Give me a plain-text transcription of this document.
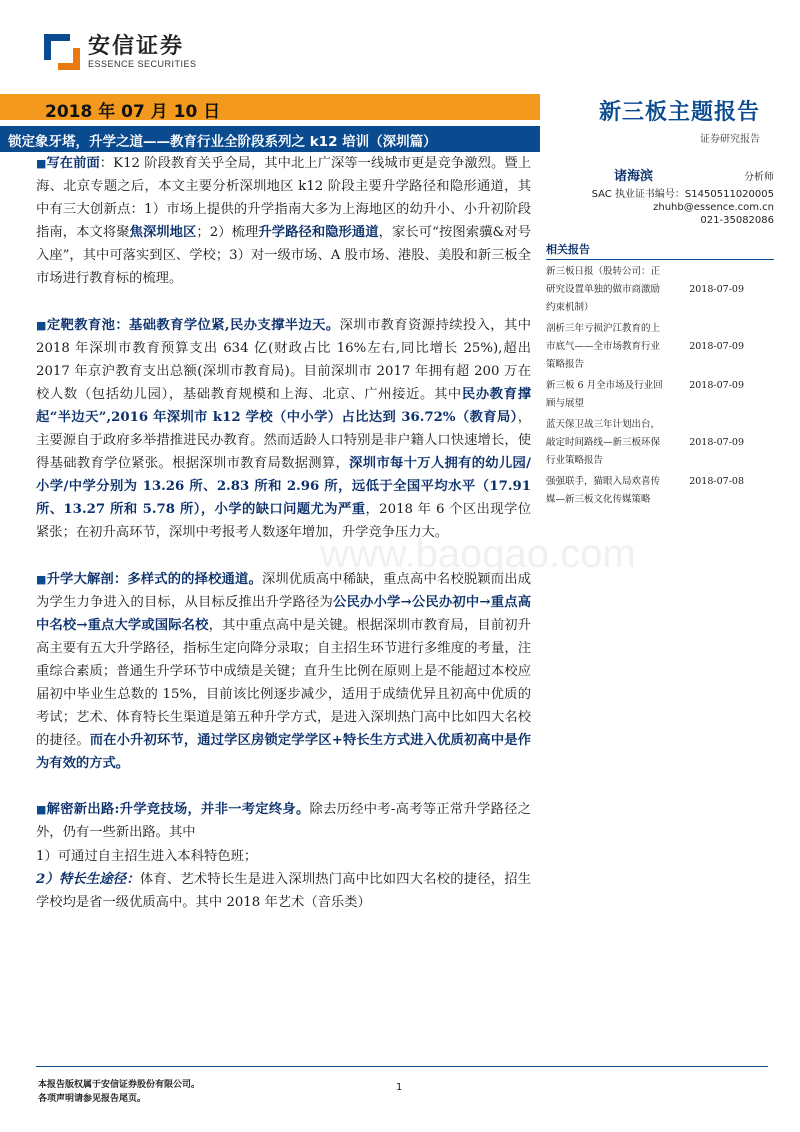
安信证券
ESSENCE SECURITIES
2018 年 07 月 10 日	新三板主题报告
锁定象牙塔，升学之道——教育行业全阶段系列之 k12 培训（深圳篇）	证券研究报告
www.baogao.com

■写在前面：K12 阶段教育关乎全局，其中北上广深等一线城市更是竞争激烈。暨上海、北京专题之后，本文主要分析深圳地区 k12 阶段主要升学路径和隐形通道，其中有三大创新点：1）市场上提供的升学指南大多为上海地区的幼升小、小升初阶段指南，本文将聚焦深圳地区；2）梳理升学路径和隐形通道，家长可“按图索骥&对号入座”，其中可落实到区、学校；3）对一级市场、A 股市场、港股、美股和新三板全市场进行教育标的梳理。

■定靶教育池：基础教育学位紧,民办支撑半边天。深圳市教育资源持续投入，其中 2018 年深圳市教育预算支出 634 亿(财政占比 16%左右,同比增长 25%),超出 2017 年京沪教育支出总额(深圳市教育局)。目前深圳市 2017 年拥有超 200 万在校人数（包括幼儿园），基础教育规模和上海、北京、广州接近。其中民办教育撑起“半边天”,2016 年深圳市 k12 学校（中小学）占比达到 36.72%（教育局），主要源自于政府多举措推进民办教育。然而适龄人口特别是非户籍人口快速增长，使得基础教育学位紧张。根据深圳市教育局数据测算，深圳市每十万人拥有的幼儿园/小学/中学分别为 13.26 所、2.83 所和 2.96 所，远低于全国平均水平（17.91 所、13.27 所和 5.78 所），小学的缺口问题尤为严重，2018 年 6 个区出现学位紧张；在初升高环节，深圳中考报考人数逐年增加，升学竞争压力大。

■升学大解剖：多样式的的择校通道。深圳优质高中稀缺，重点高中名校脱颖而出成为学生力争进入的目标，从目标反推出升学路径为公民办小学→公民办初中→重点高中名校→重点大学或国际名校，其中重点高中是关键。根据深圳市教育局，目前初升高主要有五大升学路径，指标生定向降分录取；自主招生环节进行多维度的考量，注重综合素质；普通生升学环节中成绩是关键；直升生比例在原则上是不能超过本校应届初中毕业生总数的 15%，目前该比例逐步减少，适用于成绩优异且初高中优质的考试；艺术、体育特长生渠道是第五种升学方式，是进入深圳热门高中比如四大名校的捷径。而在小升初环节，通过学区房锁定学学区+特长生方式进入优质初高中是作为有效的方式。

■解密新出路:升学竞技场，并非一考定终身。除去历经中考-高考等正常升学路径之外，仍有一些新出路。其中
1）可通过自主招生进入本科特色班；
2）特长生途径：体育、艺术特长生是进入深圳热门高中比如四大名校的捷径，招生学校均是省一级优质高中。其中 2018 年艺术（音乐类）

诸海滨	分析师
SAC 执业证书编号：S1450511020005
zhuhb@essence.com.cn
021-35082086
相关报告
新三板日报（股转公司：正
研究设置单独的做市商激励
约束机制）
2018-07-09
剖析三年亏损沪江教育的上
市底气——全市场教育行业
策略报告
2018-07-09
新三板 6 月全市场及行业回
顾与展望
2018-07-09
蓝天保卫战三年计划出台，
敲定时间路线—新三板环保
行业策略报告
2018-07-09
强强联手，猫眼入局欢喜传
媒—新三板文化传媒策略
2018-07-08
本报告版权属于安信证券股份有限公司。
各项声明请参见报告尾页。
1
